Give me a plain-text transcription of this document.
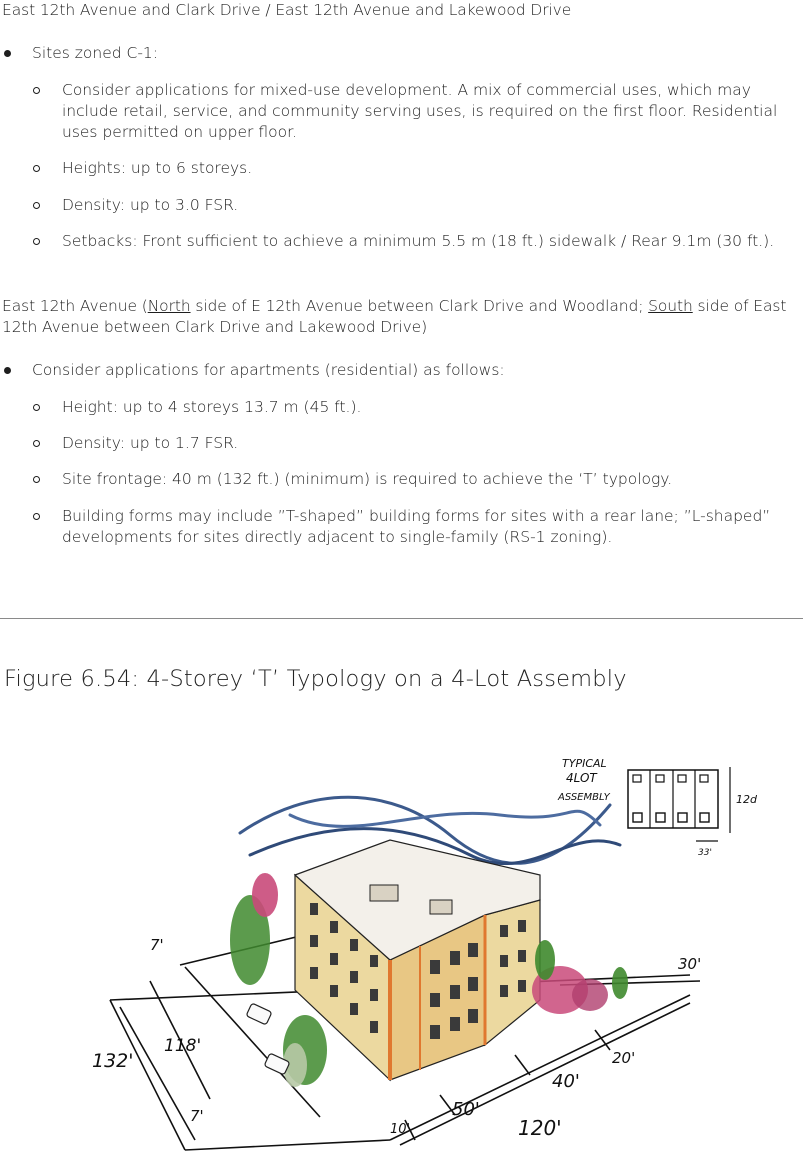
East 12th Avenue and Clark Drive / East 12th Avenue and Lakewood Drive
Sites zoned C-1:
Consider applications for mixed-use development. A mix of commercial uses, which may include retail, service, and community serving uses, is required on the first floor. Residential uses permitted on upper floor.
Heights: up to 6 storeys.
Density: up to 3.0 FSR.
Setbacks: Front sufficient to achieve a minimum 5.5 m (18 ft.) sidewalk / Rear 9.1m (30 ft.).
East 12th Avenue (North side of E 12th Avenue between Clark Drive and Woodland; South side of East 12th Avenue between Clark Drive and Lakewood Drive)
Consider applications for apartments (residential) as follows:
Height: up to 4 storeys 13.7 m (45 ft.).
Density: up to 1.7 FSR.
Site frontage: 40 m (132 ft.) (minimum) is required to achieve the ‘T’ typology.
Building forms may include ”T-shaped” building forms for sites with a rear lane; ”L-shaped” developments for sites directly adjacent to single-family (RS-1 zoning).
Figure 6.54: 4-Storey ‘T’ Typology on a 4-Lot Assembly
TYPICAL
4LOT
ASSEMBLY	12d
33'
132'
118'
7'
7'
30'
20'
40'
50'
10'	120'
